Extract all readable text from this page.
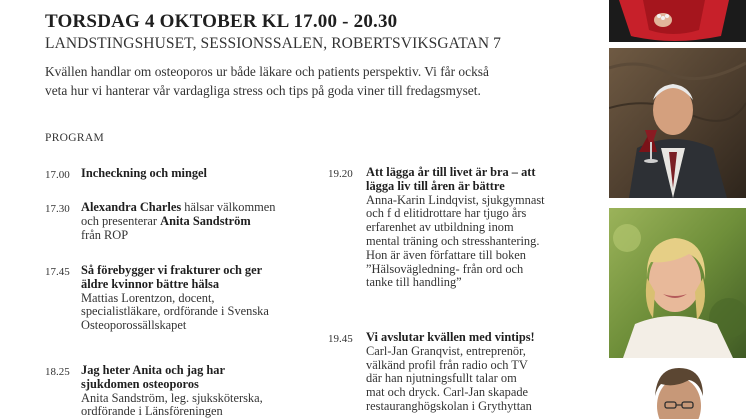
TORSDAG 4 OKTOBER KL 17.00 - 20.30
LANDSTINGSHUSET, SESSIONSSALEN, ROBERTSVIKSGATAN 7
Kvällen handlar om osteoporos ur både läkare och patients perspektiv. Vi får också
veta hur vi hanterar vår vardagliga stress och tips på goda viner till fredagsmyset.
PROGRAM
17.00 Incheckning och mingel
17.30 Alexandra Charles hälsar välkommen
och presenterar Anita Sandström
från ROP
17.45 Så förebygger vi frakturer och ger
äldre kvinnor bättre hälsa
Mattias Lorentzon, docent,
specialistläkare, ordförande i Svenska
Osteoporossällskapet
18.25 Jag heter Anita och jag har
sjukdomen osteoporos
Anita Sandström, leg. sjuksköterska,
ordförande i Länsföreningen
19.20 Att lägga år till livet är bra – att
lägga liv till åren är bättre
Anna-Karin Lindqvist, sjukgymnast
och f d elitidrottare har tjugo års
erfarenhet av utbildning inom
mental träning och stresshantering.
Hon är även författare till boken
”Hälsovägledning- från ord och
tanke till handling”
19.45 Vi avslutar kvällen med vintips!
Carl-Jan Granqvist, entreprenör,
välkänd profil från radio och TV
där han njutningsfullt talar om
mat och dryck. Carl-Jan skapade
restauranghögskolan i Grythyttan
